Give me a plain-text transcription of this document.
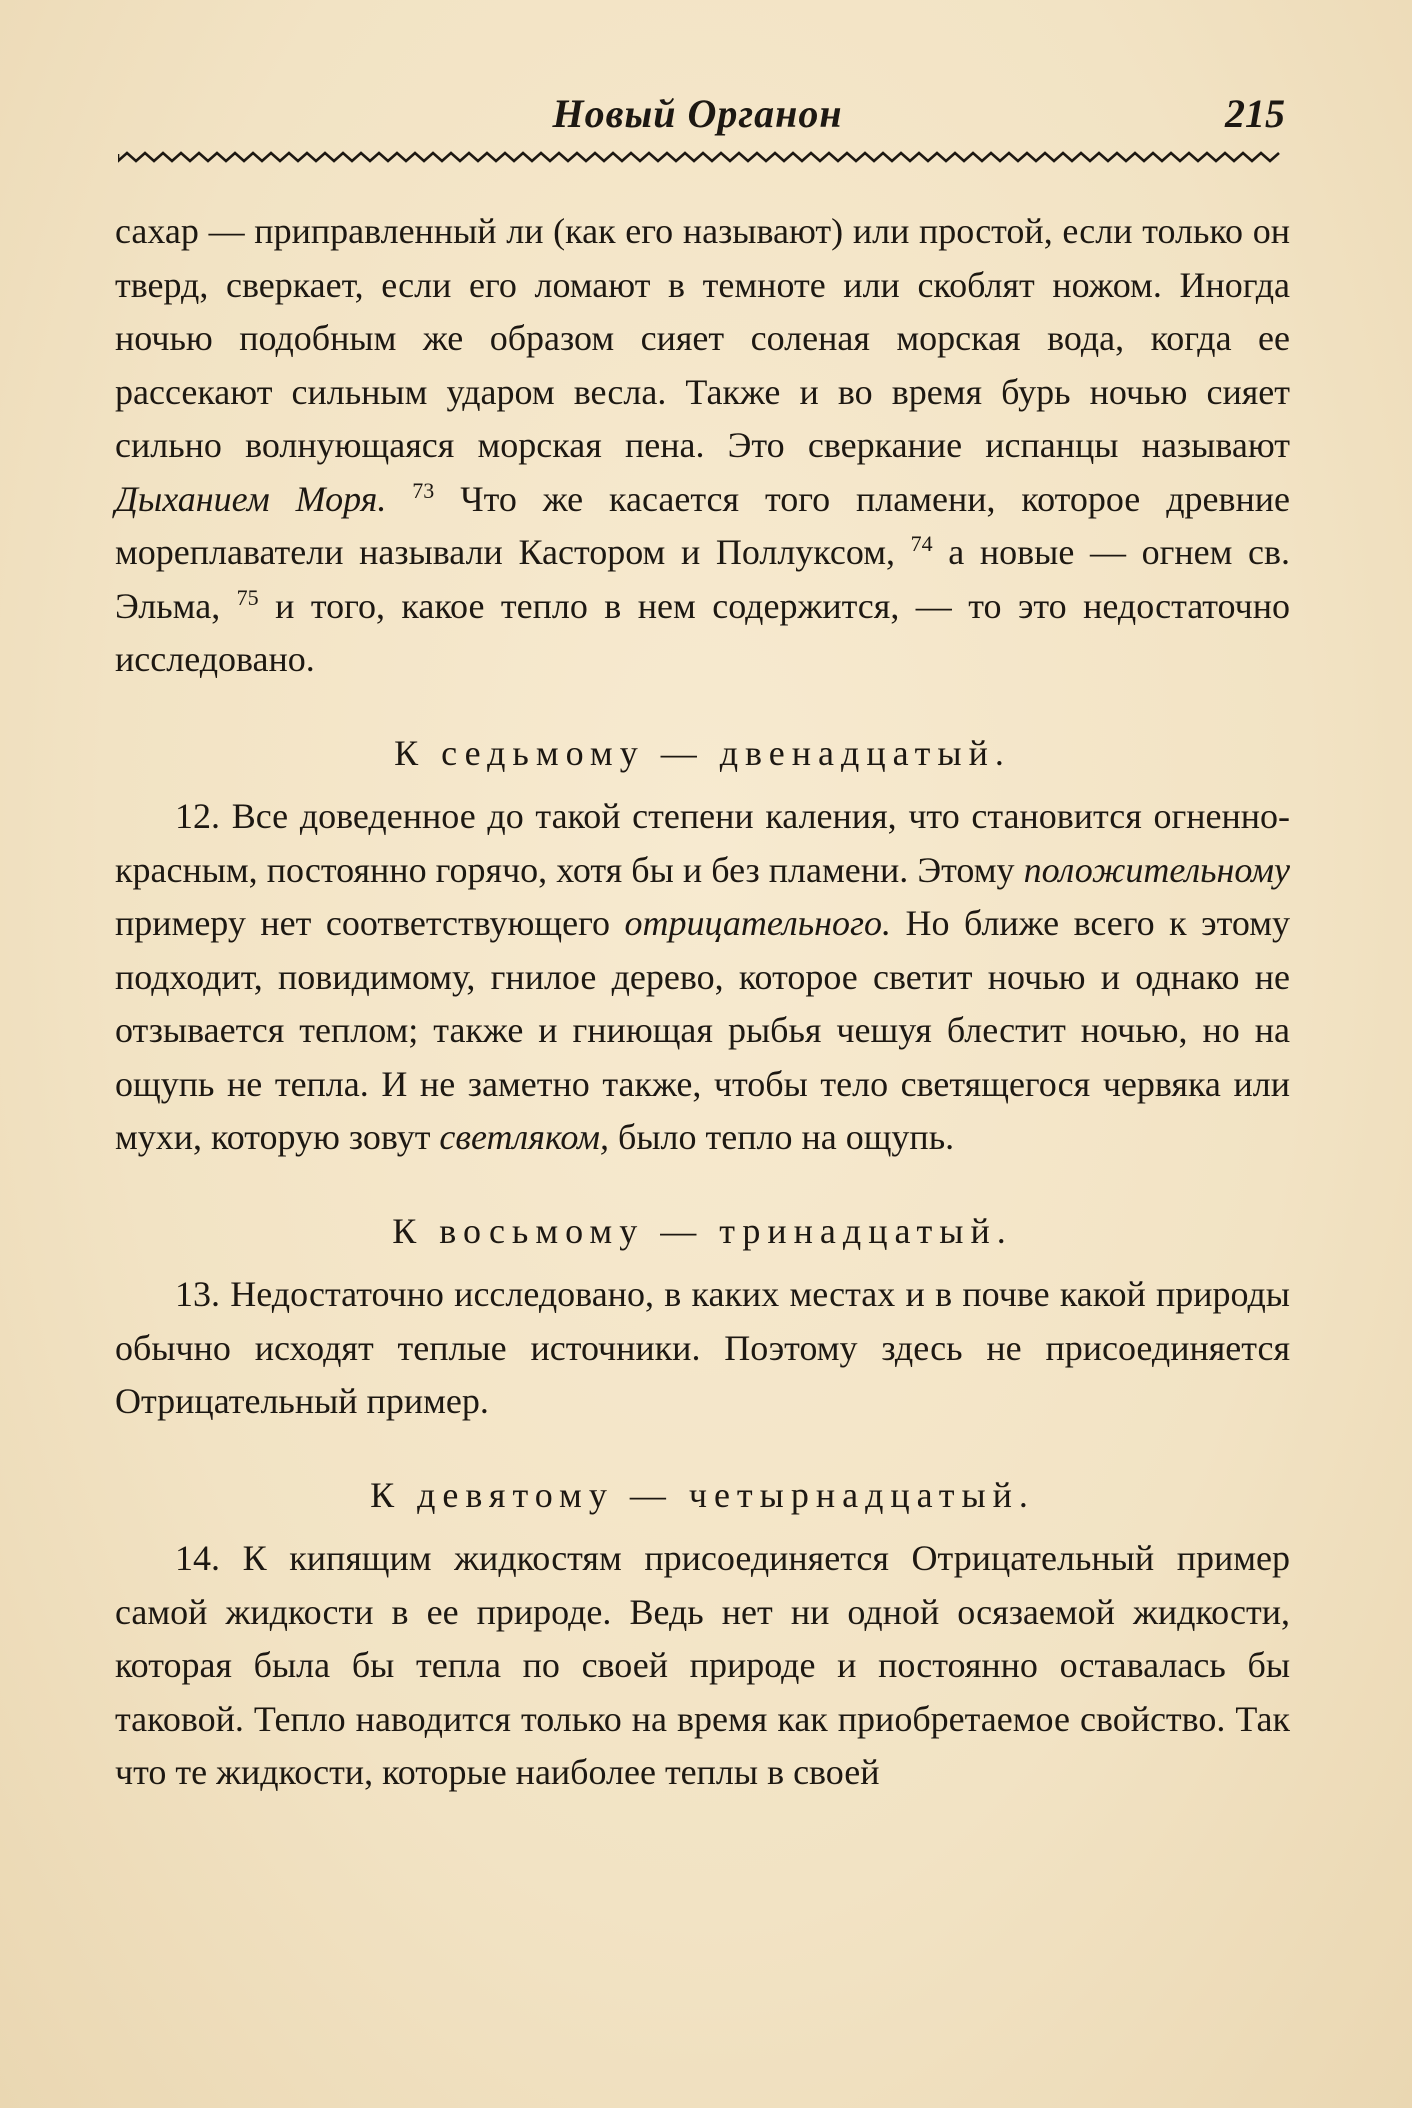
Новый Органон	215

сахар — приправленный ли (как его называют) или простой, если только он тверд, сверкает, если его ломают в темноте или скоблят ножом. Иногда ночью подобным же образом сияет соленая морская вода, когда ее рассекают сильным ударом весла. Также и во время бурь ночью сияет сильно волнующаяся морская пена. Это сверкание испанцы называют Дыханием Моря. $^{73}$ Что же касается того пламени, которое древние мореплаватели называли Кастором и Поллуксом, $^{74}$ а новые — огнем св. Эльма, $^{75}$ и того, какое тепло в нем содержится, — то это недостаточно исследовано.

К седьмому — двенадцатый.

12. Все доведенное до такой степени каления, что становится огненно-красным, постоянно горячо, хотя бы и без пламени. Этому положительному примеру нет соответствующего отрицательного. Но ближе всего к этому подходит, повидимому, гнилое дерево, которое светит ночью и однако не отзывается теплом; также и гниющая рыбья чешуя блестит ночью, но на ощупь не тепла. И не заметно также, чтобы тело светящегося червяка или мухи, которую зовут светляком, было тепло на ощупь.

К восьмому — тринадцатый.

13. Недостаточно исследовано, в каких местах и в почве какой природы обычно исходят теплые источники. Поэтому здесь не присоединяется Отрицательный пример.

К девятому — четырнадцатый.

14. К кипящим жидкостям присоединяется Отрицательный пример самой жидкости в ее природе. Ведь нет ни одной осязаемой жидкости, которая была бы тепла по своей природе и постоянно оставалась бы таковой. Тепло наводится только на время как приобретаемое свойство. Так что те жидкости, которые наиболее теплы в своей
